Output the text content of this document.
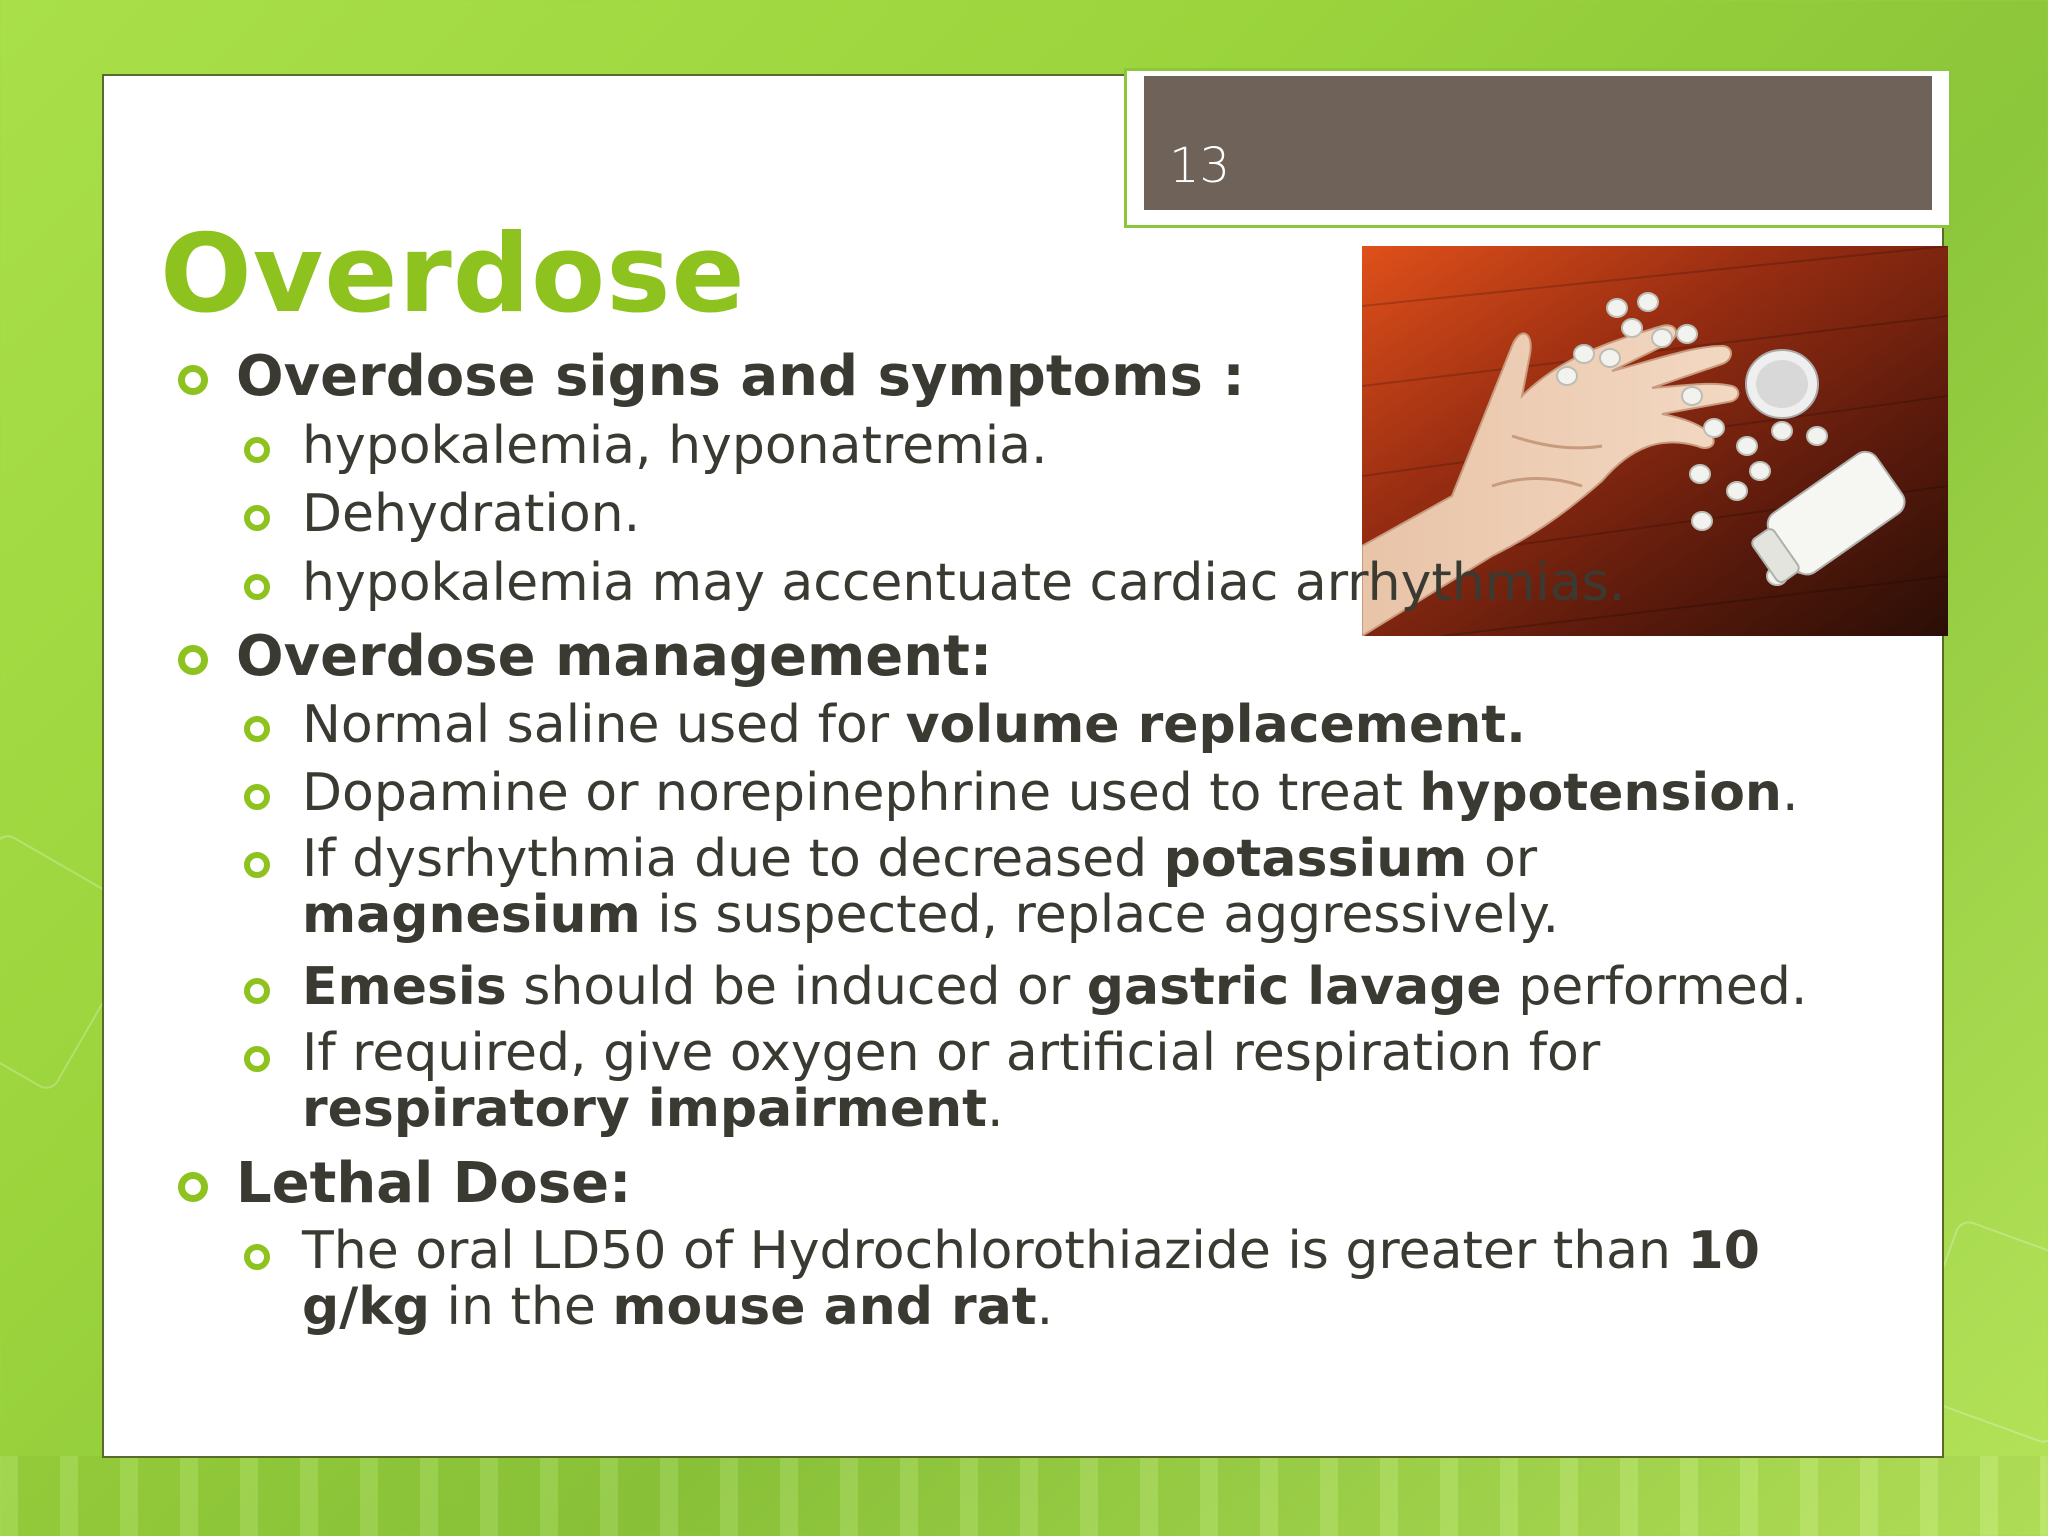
13
Overdose
Overdose signs and symptoms :
hypokalemia, hyponatremia.
Dehydration.
hypokalemia may accentuate cardiac arrhythmias.
Overdose management:
Normal saline used for volume replacement.
Dopamine or norepinephrine used to treat hypotension.
If dysrhythmia due to decreased potassium or
magnesium is suspected, replace aggressively.
Emesis should be induced or gastric lavage performed.
If required, give oxygen or artificial respiration for
respiratory impairment.
Lethal Dose:
The oral LD50 of Hydrochlorothiazide is greater than 10
g/kg in the mouse and rat.
